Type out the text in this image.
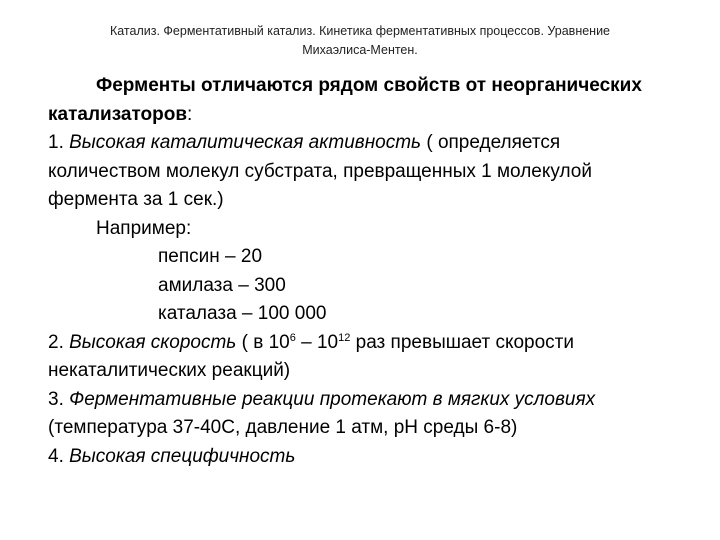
Катализ. Ферментативный катализ. Кинетика ферментативных процессов. Уравнение
Михаэлиса-Ментен.

Ферменты отличаются рядом свойств от неорганических

катализаторов:

1. Высокая каталитическая активность ( определяется

количеством молекул субстрата, превращенных 1 молекулой

фермента за 1 сек.)

Например:

пепсин – 20

амилаза – 300

каталаза – 100 000

2. Высокая скорость ( в $10^6 - 10^{12}$ раз превышает скорости

некаталитических реакций)

3. Ферментативные реакции протекают в мягких условиях

(температура 37-40С, давление 1 атм, рН среды 6-8)

4. Высокая специфичность
